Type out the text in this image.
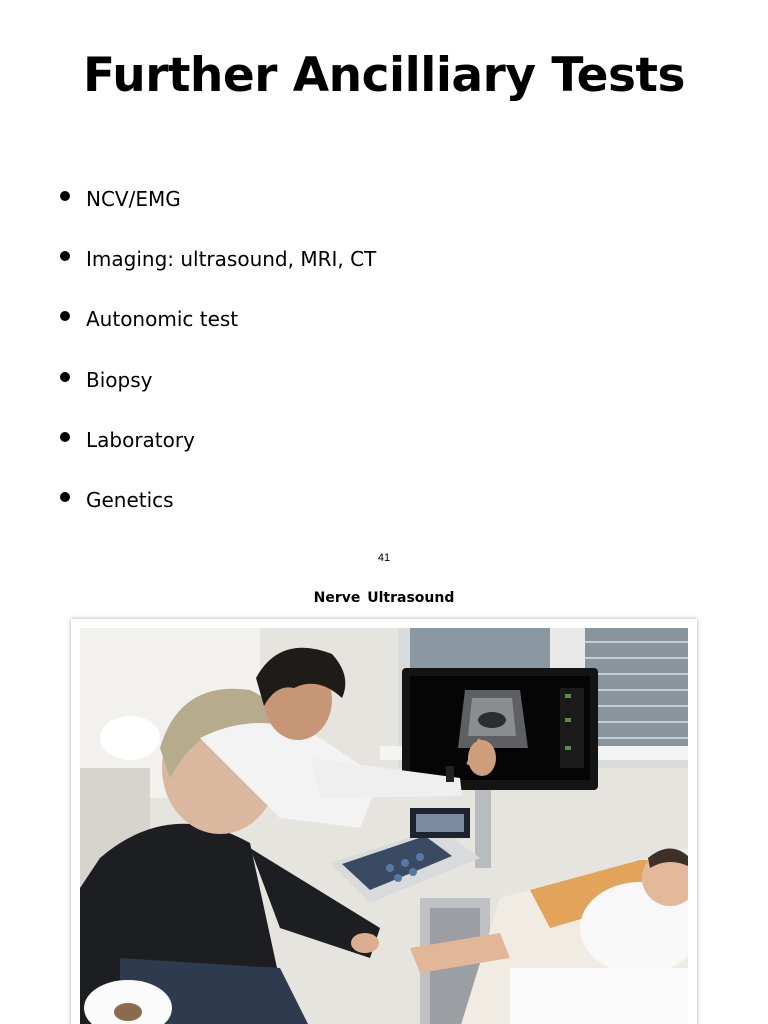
Further Ancilliary Tests
NCV/EMG
Imaging: ultrasound, MRI, CT
Autonomic test
Biopsy
Laboratory
Genetics
41
Nerve Ultrasound
